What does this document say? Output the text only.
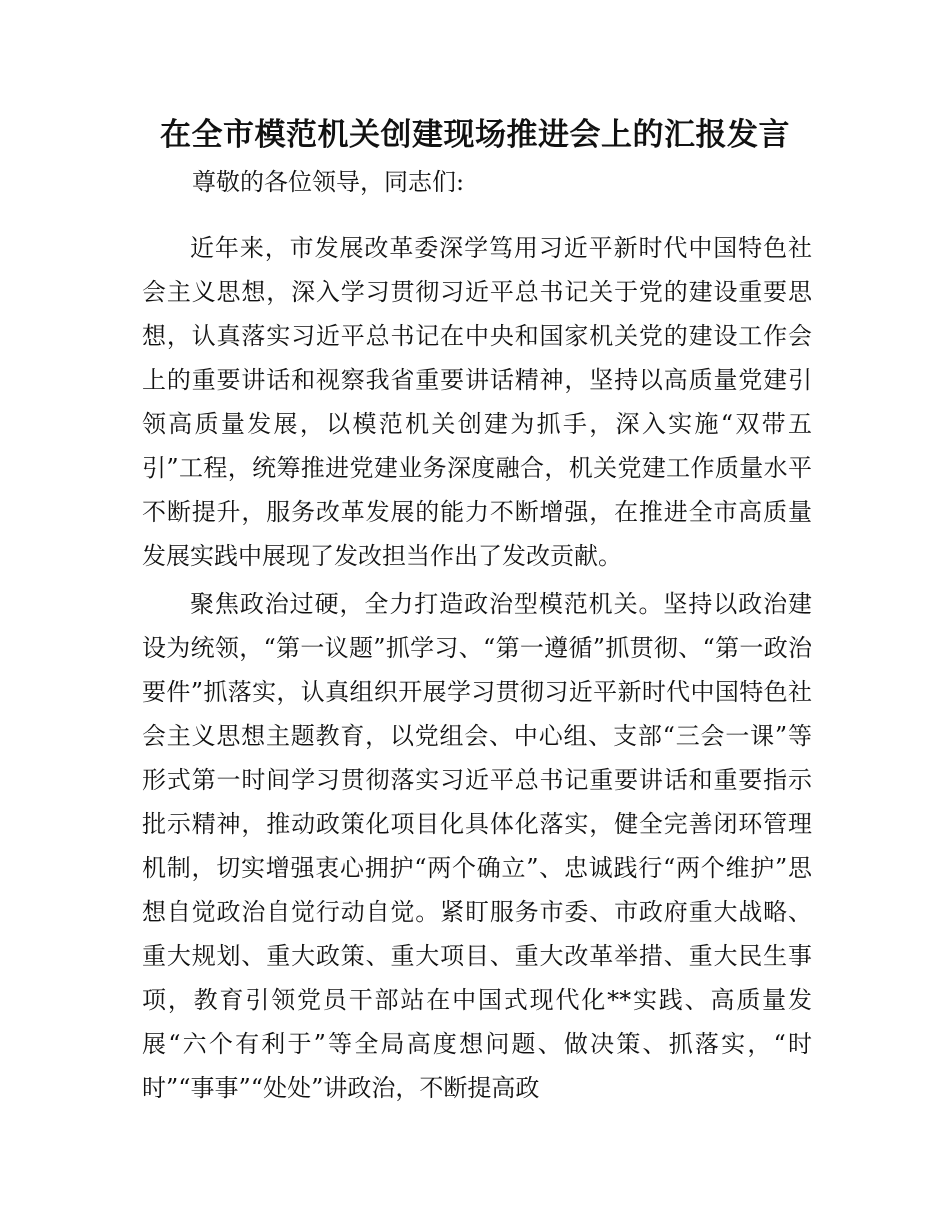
在全市模范机关创建现场推进会上的汇报发言
尊敬的各位领导，同志们:

近年来，市发展改革委深学笃用习近平新时代中国特色社会主义思想，深入学习贯彻习近平总书记关于党的建设重要思想，认真落实习近平总书记在中央和国家机关党的建设工作会上的重要讲话和视察我省重要讲话精神，坚持以高质量党建引领高质量发展，以模范机关创建为抓手，深入实施“双带五引”工程，统筹推进党建业务深度融合，机关党建工作质量水平不断提升，服务改革发展的能力不断增强，在推进全市高质量发展实践中展现了发改担当作出了发改贡献。

聚焦政治过硬，全力打造政治型模范机关。坚持以政治建设为统领，“第一议题”抓学习、“第一遵循”抓贯彻、“第一政治要件”抓落实，认真组织开展学习贯彻习近平新时代中国特色社会主义思想主题教育，以党组会、中心组、支部“三会一课”等形式第一时间学习贯彻落实习近平总书记重要讲话和重要指示批示精神，推动政策化项目化具体化落实，健全完善闭环管理机制，切实增强衷心拥护“两个确立”、忠诚践行“两个维护”思想自觉政治自觉行动自觉。紧盯服务市委、市政府重大战略、重大规划、重大政策、重大项目、重大改革举措、重大民生事项，教育引领党员干部站在中国式现代化**实践、高质量发展“六个有利于”等全局高度想问题、做决策、抓落实，“时时”“事事”“处处”讲政治，不断提高政
